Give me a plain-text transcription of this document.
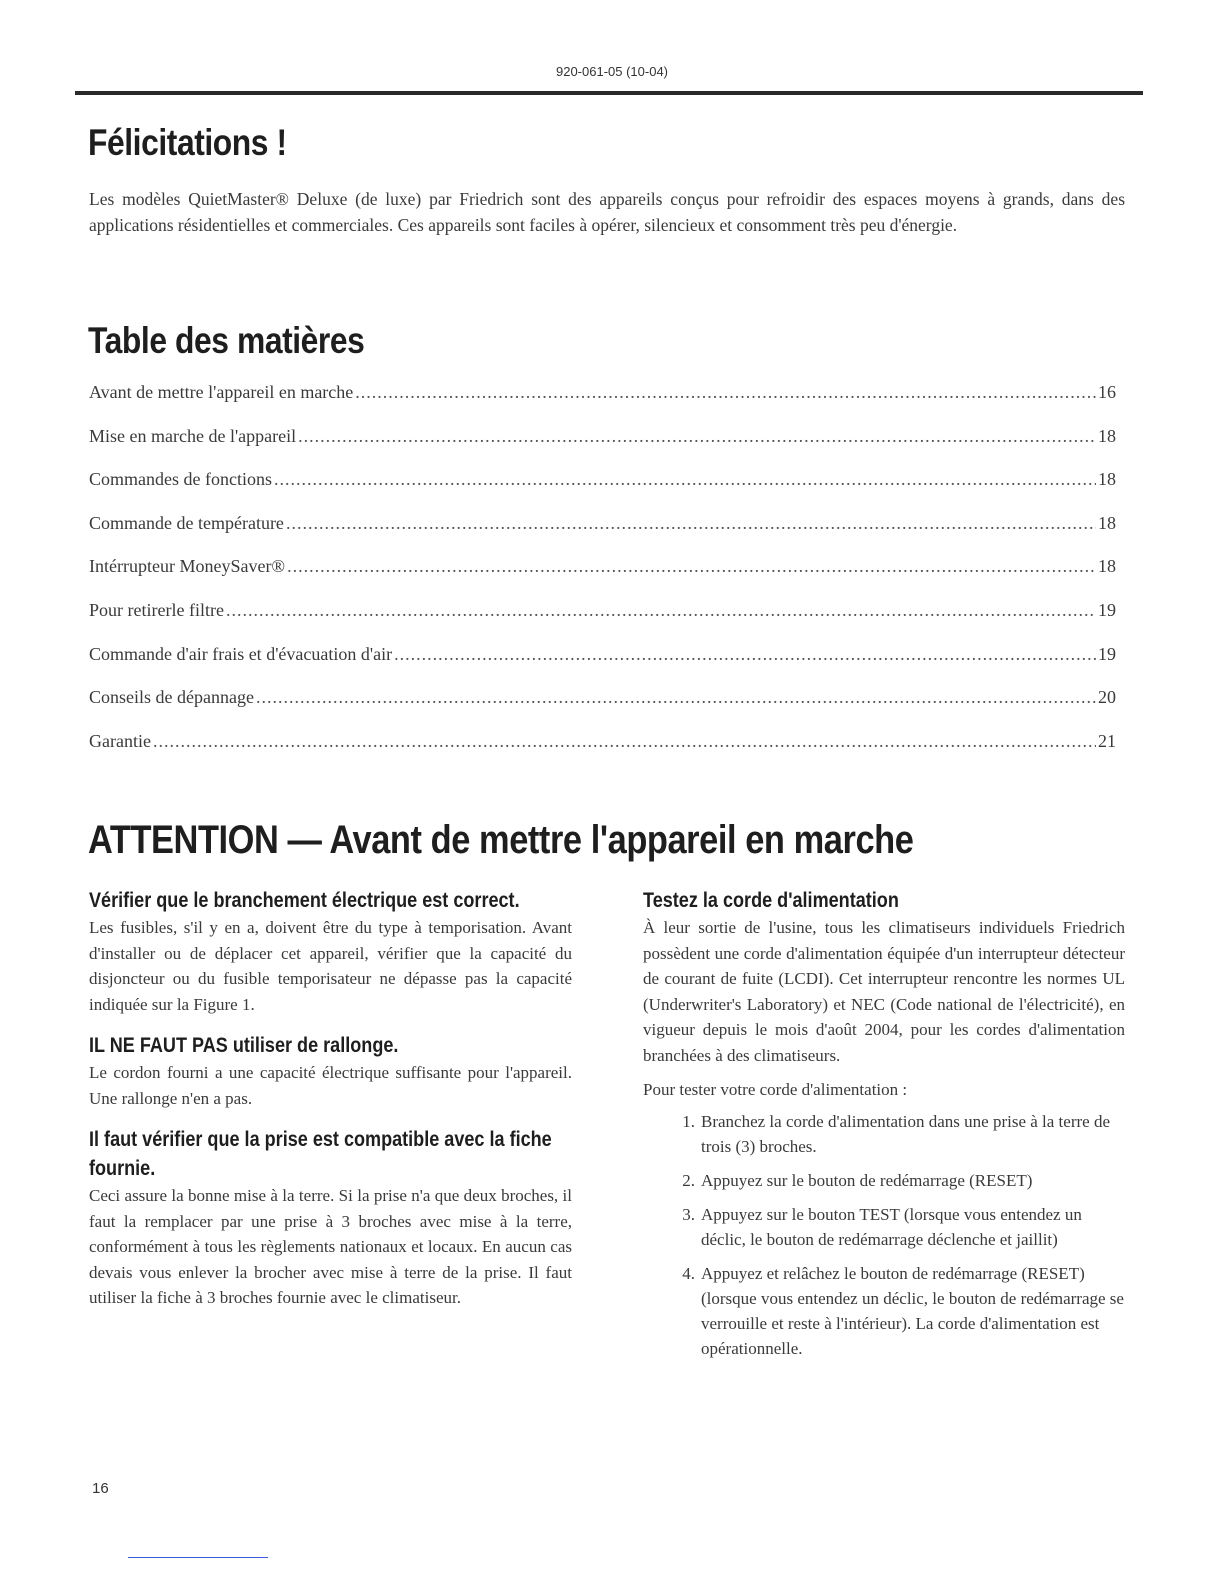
920-061-05 (10-04)
Félicitations !

Les modèles QuietMaster® Deluxe (de luxe) par Friedrich sont des appareils conçus pour refroidir des espaces moyens à grands, dans des applications résidentielles et commerciales. Ces appareils sont faciles à opérer, silencieux et consomment très peu d'énergie.

Table des matières
Avant de mettre l'appareil en marche .....	16
Mise en marche de l'appareil .....	18
Commandes de fonctions .....	18
Commande de température .....	18
Intérrupteur MoneySaver® .....	18
Pour retirerle filtre .....	19
Commande d'air frais et d'évacuation d'air .....	19
Conseils de dépannage .....	20
Garantie .....	21
ATTENTION — Avant de mettre l'appareil en marche
Vérifier que le branchement électrique est correct.

Les fusibles, s'il y en a, doivent être du type à temporisation. Avant d'installer ou de déplacer cet appareil, vérifier que la capacité du disjoncteur ou du fusible temporisateur ne dépasse pas la capacité indiquée sur la Figure 1.

IL NE FAUT PAS utiliser de rallonge.

Le cordon fourni a une capacité électrique suffisante pour l'appareil. Une rallonge n'en a pas.

Il faut vérifier que la prise est compatible avec la fiche fournie.

Ceci assure la bonne mise à la terre. Si la prise n'a que deux broches, il faut la remplacer par une prise à 3 broches avec mise à la terre, conformément à tous les règlements nationaux et locaux. En aucun cas devais vous enlever la brocher avec mise à terre de la prise. Il faut utiliser la fiche à 3 broches fournie avec le climatiseur.

Testez la corde d'alimentation

À leur sortie de l'usine, tous les climatiseurs individuels Friedrich possèdent une corde d'alimentation équipée d'un interrupteur détecteur de courant de fuite (LCDI). Cet interrupteur rencontre les normes UL (Underwriter's Laboratory) et NEC (Code national de l'électricité), en vigueur depuis le mois d'août 2004, pour les cordes d'alimentation branchées à des climatiseurs.

Pour tester votre corde d'alimentation :

1. Branchez la corde d'alimentation dans une prise à la terre de trois (3) broches.
2. Appuyez sur le bouton de redémarrage (RESET)
3. Appuyez sur le bouton TEST (lorsque vous entendez un déclic, le bouton de redémarrage déclenche et jaillit)
4. Appuyez et relâchez le bouton de redémarrage (RESET) (lorsque vous entendez un déclic, le bouton de redémarrage se verrouille et reste à l'intérieur). La corde d'alimentation est opérationnelle.
16
